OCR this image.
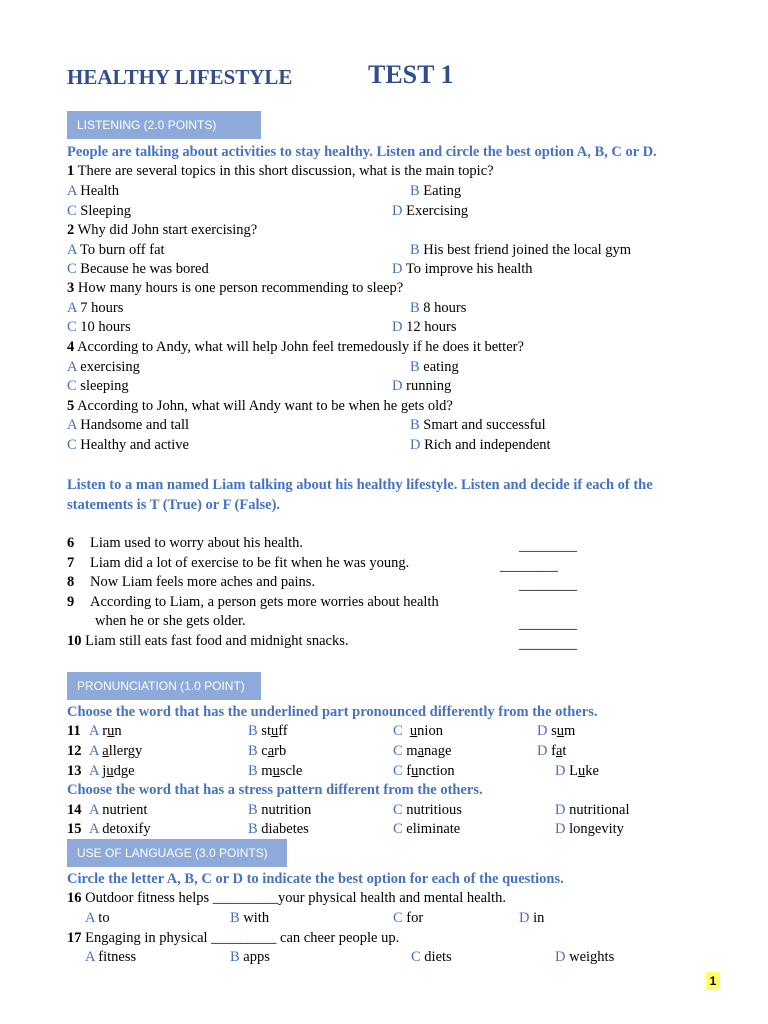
HEALTHY LIFESTYLE	TEST 1
LISTENING (2.0 POINTS)
People are talking about activities to stay healthy. Listen and circle the best option A, B, C or D.
1 There are several topics in this short discussion, what is the main topic?
A Health	B Eating
C Sleeping	D Exercising
2 Why did John start exercising?
A To burn off fat	B His best friend joined the local gym
C Because he was bored	D To improve his health
3 How many hours is one person recommending to sleep?
A 7 hours	B 8 hours
C 10 hours	D 12 hours
4 According to Andy, what will help John feel tremedously if he does it better?
A exercising	B eating
C sleeping	D running
5 According to John, what will Andy want to be when he gets old?
A Handsome and tall	B Smart and successful
C Healthy and active	D Rich and independent
Listen to a man named Liam talking about his healthy lifestyle. Listen and decide if each of the
statements is T (True) or F (False).
6 Liam used to worry about his health.	________
7 Liam did a lot of exercise to be fit when he was young.	________
8 Now Liam feels more aches and pains.	________
9 According to Liam, a person gets more worries about health
when he or she gets older.	________
10 Liam still eats fast food and midnight snacks.	________
PRONUNCIATION (1.0 POINT)
Choose the word that has the underlined part pronounced differently from the others.
11 A run	B stuff	C union	D sum
12 A allergy	B carb	C manage	D fat
13 A judge	B muscle	C function	D Luke
Choose the word that has a stress pattern different from the others.
14 A nutrient	B nutrition	C nutritious	D nutritional
15 A detoxify	B diabetes	C eliminate	D longevity
USE OF LANGUAGE (3.0 POINTS)
Circle the letter A, B, C or D to indicate the best option for each of the questions.
16 Outdoor fitness helps _________your physical health and mental health.
A to	B with	C for	D in
17 Engaging in physical _________ can cheer people up.
A fitness	B apps	C diets	D weights
1
